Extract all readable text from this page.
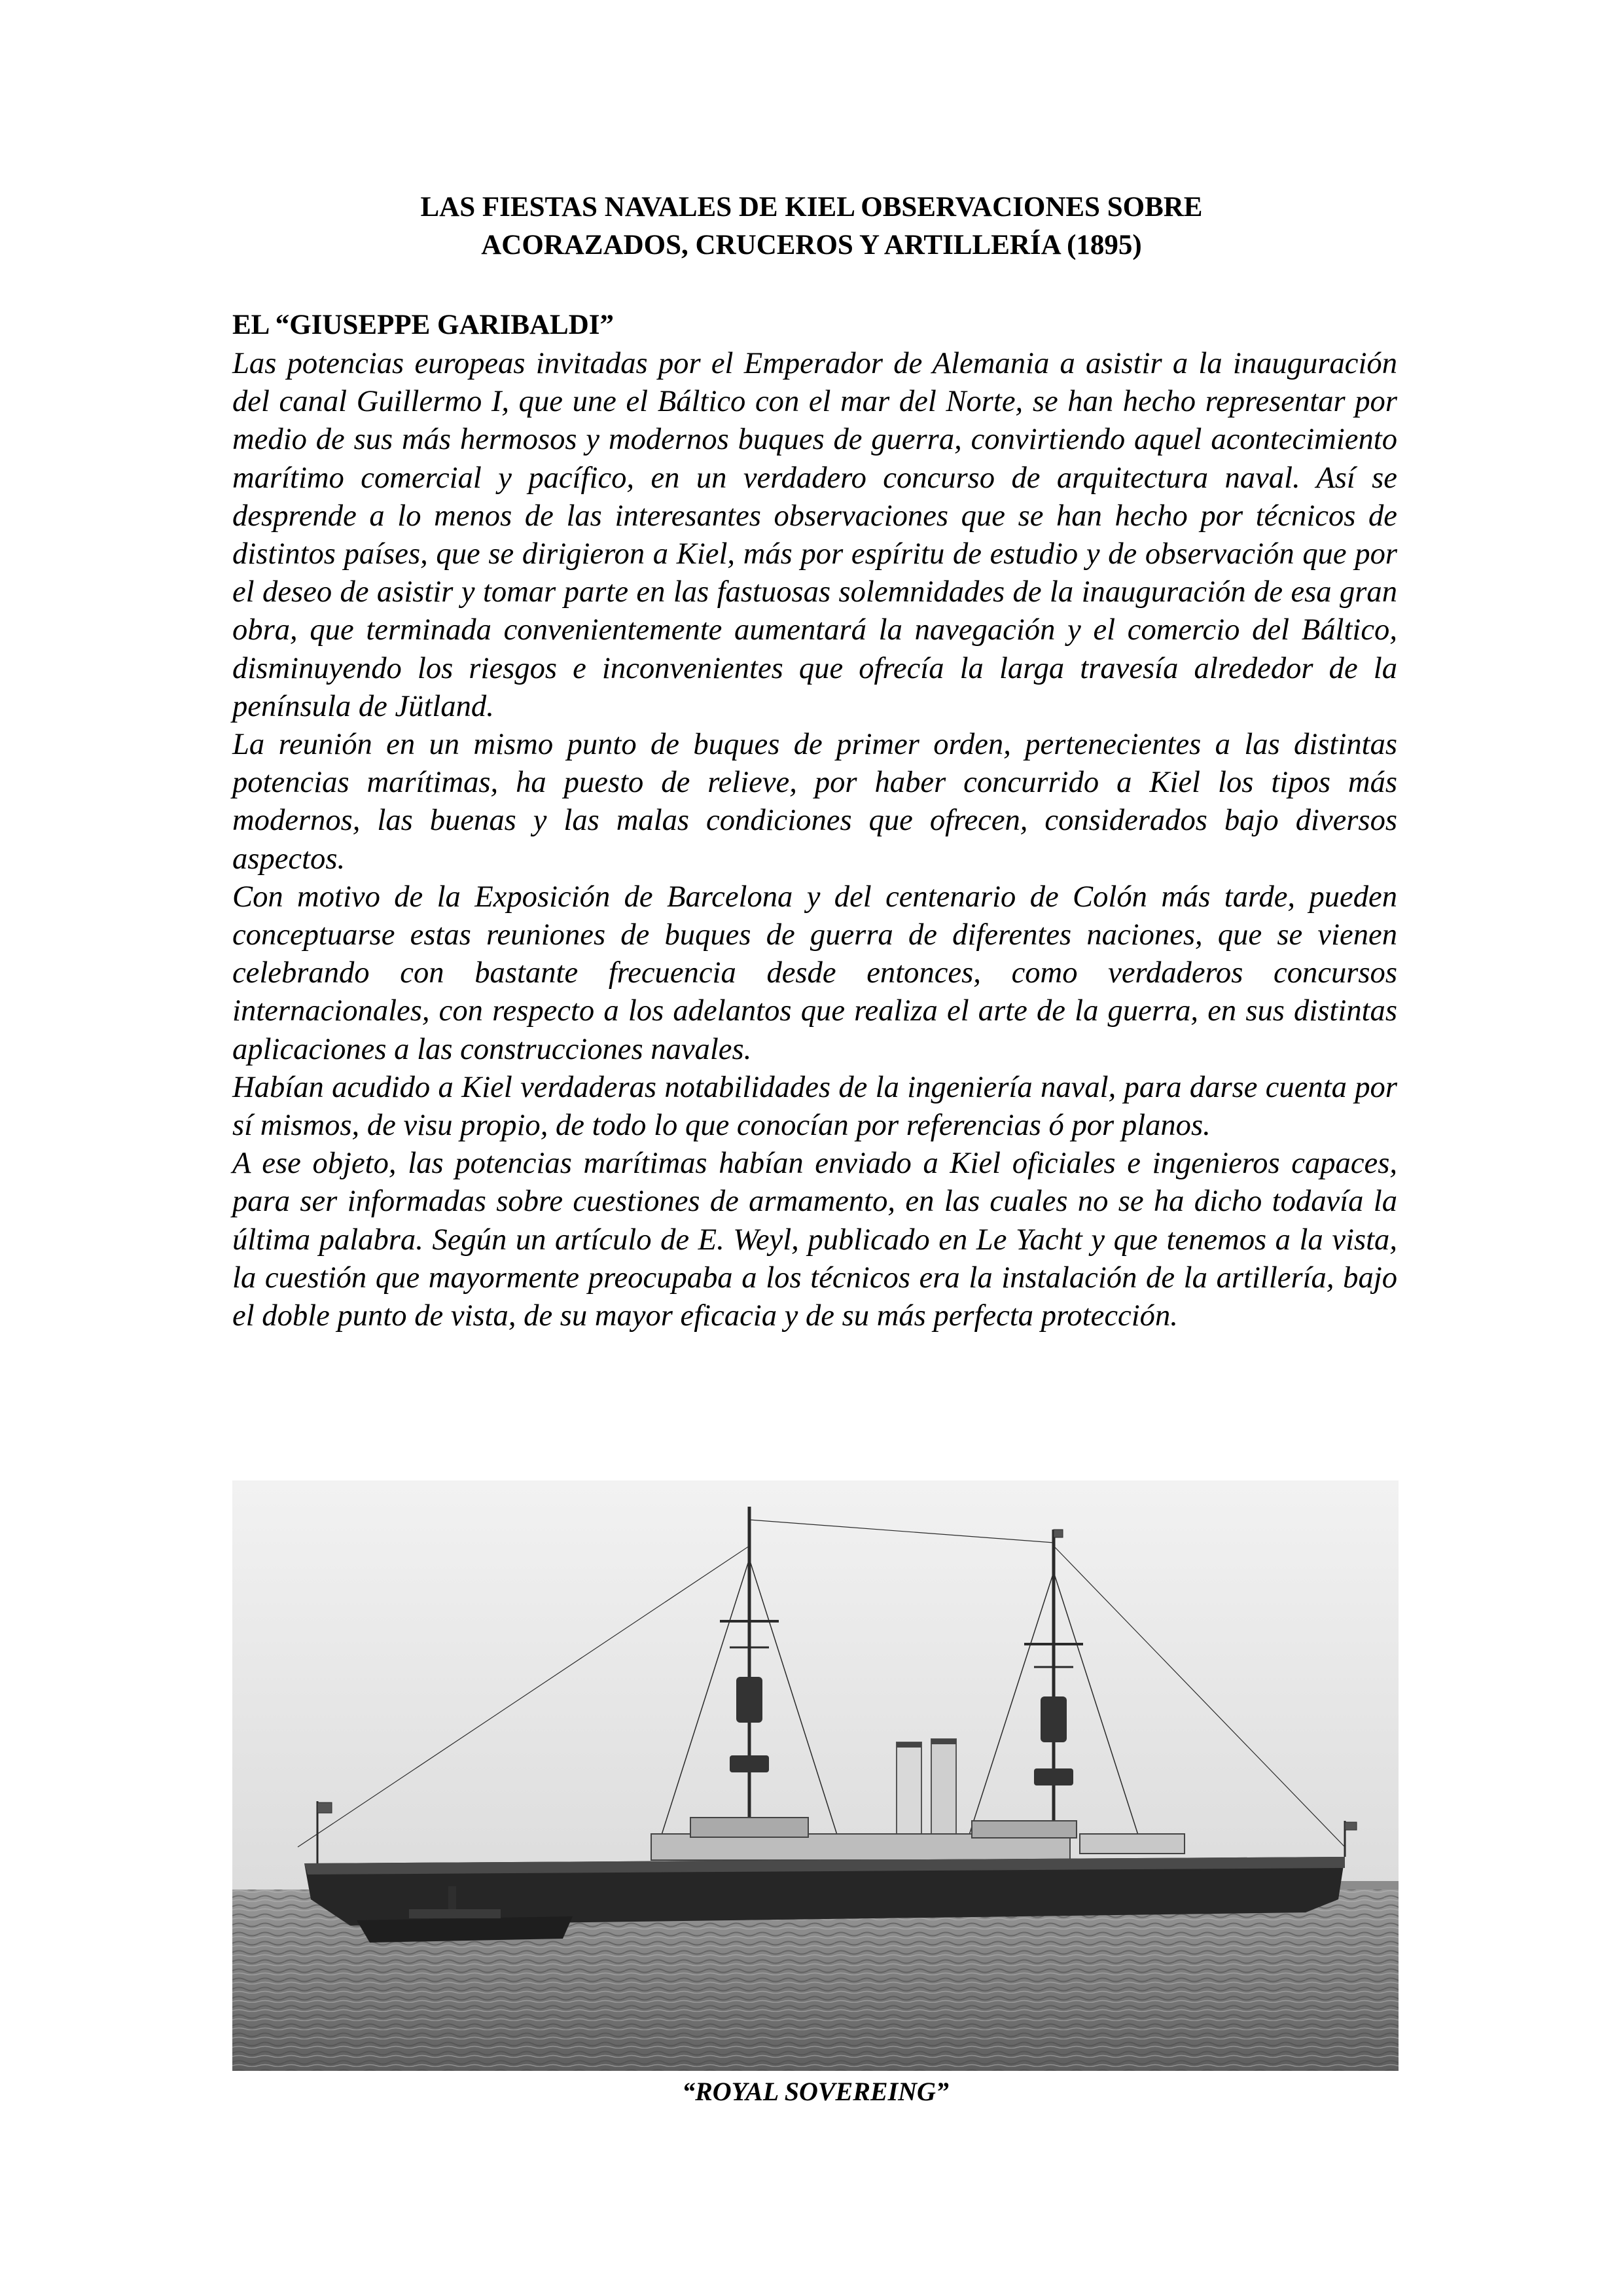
LAS FIESTAS NAVALES DE KIEL OBSERVACIONES SOBRE
ACORAZADOS, CRUCEROS Y ARTILLERÍA (1895)
EL “GIUSEPPE GARIBALDI”

Las potencias europeas invitadas por el Emperador de Alemania a asistir a la inauguración del canal Guillermo I, que une el Báltico con el mar del Norte, se han hecho representar por medio de sus más hermosos y modernos buques de guerra, convirtiendo aquel acontecimiento marítimo comercial y pacífico, en un verdadero concurso de arquitectura naval. Así se desprende a lo menos de las interesantes observaciones que se han hecho por técnicos de distintos países, que se dirigieron a Kiel, más por espíritu de estudio y de observación que por el deseo de asistir y tomar parte en las fastuosas solemnidades de la inauguración de esa gran obra, que terminada convenientemente aumentará la navegación y el comercio del Báltico, disminuyendo los riesgos e inconvenientes que ofrecía la larga travesía alrededor de la península de Jütland.

La reunión en un mismo punto de buques de primer orden, pertenecientes a las distintas potencias marítimas, ha puesto de relieve, por haber concurrido a Kiel los tipos más modernos, las buenas y las malas condiciones que ofrecen, considerados bajo diversos aspectos.

Con motivo de la Exposición de Barcelona y del centenario de Colón más tarde, pueden conceptuarse estas reuniones de buques de guerra de diferentes naciones, que se vienen celebrando con bastante frecuencia desde entonces, como verdaderos concursos internacionales, con respecto a los adelantos que realiza el arte de la guerra, en sus distintas aplicaciones a las construcciones navales.

Habían acudido a Kiel verdaderas notabilidades de la ingeniería naval, para darse cuenta por sí mismos, de visu propio, de todo lo que conocían por referencias ó por planos.

A ese objeto, las potencias marítimas habían enviado a Kiel oficiales e ingenieros capaces, para ser informadas sobre cuestiones de armamento, en las cuales no se ha dicho todavía la última palabra. Según un artículo de E. Weyl, publicado en Le Yacht y que tenemos a la vista, la cuestión que mayormente preocupaba a los técnicos era la instalación de la artillería, bajo el doble punto de vista, de su mayor eficacia y de su más perfecta protección.

“ROYAL SOVEREING”
